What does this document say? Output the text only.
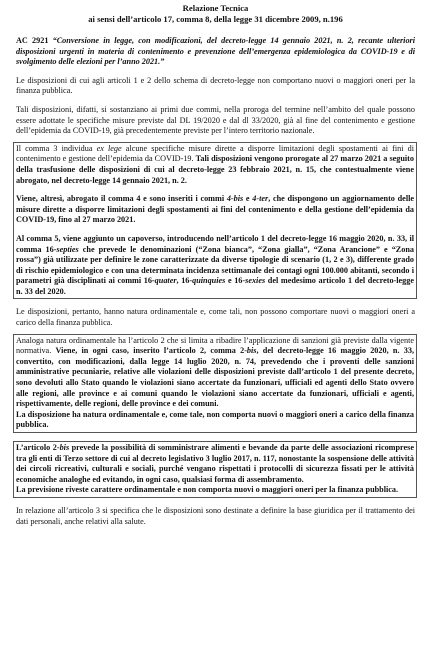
Relazione Tecnica
ai sensi dell’articolo 17, comma 8, della legge 31 dicembre 2009, n.196

AC 2921 “Conversione in legge, con modificazioni, del decreto-legge 14 gennaio 2021, n. 2, recante ulteriori disposizioni urgenti in materia di contenimento e prevenzione dell’emergenza epidemiologica da COVID-19 e di svolgimento delle elezioni per l’anno 2021.”

Le disposizioni di cui agli articoli 1 e 2 dello schema di decreto-legge non comportano nuovi o maggiori oneri per la finanza pubblica.

Tali disposizioni, difatti, si sostanziano ai primi due commi, nella proroga del termine nell’ambito del quale possono essere adottate le specifiche misure previste dal DL 19/2020 e dal dl 33/2020, già al fine del contenimento e gestione dell’epidemia da COVID-19, già precedentemente previste per l’intero territorio nazionale.

Il comma 3 individua ex lege alcune specifiche misure dirette a disporre limitazioni degli spostamenti ai fini di contenimento e gestione dell’epidemia da COVID-19. Tali disposizioni vengono prorogate al 27 marzo 2021 a seguito della trasfusione delle disposizioni di cui al decreto-legge 23 febbraio 2021, n. 15, che contestualmente viene abrogato, nel decreto-legge 14 gennaio 2021, n. 2.

Viene, altresì, abrogato il comma 4 e sono inseriti i commi 4-bis e 4-ter, che dispongono un aggiornamento delle misure dirette a disporre limitazioni degli spostamenti ai fini del contenimento e della gestione dell’epidemia da COVID-19, fino al 27 marzo 2021.

Al comma 5, viene aggiunto un capoverso, introducendo nell’articolo 1 del decreto-legge 16 maggio 2020, n. 33, il comma 16-septies che prevede le denominazioni (“Zona bianca”, “Zona gialla”, “Zona Arancione” e “Zona rossa”) già utilizzate per definire le zone caratterizzate da diverse tipologie di scenario (1, 2 e 3), differente grado di rischio epidemiologico e con una determinata incidenza settimanale dei contagi ogni 100.000 abitanti, secondo i parametri già disciplinati ai commi 16-quater, 16-quinquies e 16-sexies del medesimo articolo 1 del decreto-legge n. 33 del 2020.

Le disposizioni, pertanto, hanno natura ordinamentale e, come tali, non possono comportare nuovi o maggiori oneri a carico della finanza pubblica.

Analoga natura ordinamentale ha l’articolo 2 che si limita a ribadire l’applicazione di sanzioni già previste dalla vigente normativa. Viene, in ogni caso, inserito l’articolo 2, comma 2-bis, del decreto-legge 16 maggio 2020, n. 33, convertito, con modificazioni, dalla legge 14 luglio 2020, n. 74, prevedendo che i proventi delle sanzioni amministrative pecuniarie, relative alle violazioni delle disposizioni previste dall’articolo 1 del presente decreto, sono devoluti allo Stato quando le violazioni siano accertate da funzionari, ufficiali ed agenti dello Stato ovvero alle regioni, alle province e ai comuni quando le violazioni siano accertate da funzionari, ufficiali e agenti, rispettivamente, delle regioni, delle province e dei comuni.

La disposizione ha natura ordinamentale e, come tale, non comporta nuovi o maggiori oneri a carico della finanza pubblica.

L’articolo 2-bis prevede la possibilità di somministrare alimenti e bevande da parte delle associazioni ricomprese tra gli enti di Terzo settore di cui al decreto legislativo 3 luglio 2017, n. 117, nonostante la sospensione delle attività dei circoli ricreativi, culturali e sociali, purché vengano rispettati i protocolli di sicurezza fissati per le attività economiche analoghe ed evitando, in ogni caso, qualsiasi forma di assembramento.

La previsione riveste carattere ordinamentale e non comporta nuovi o maggiori oneri per la finanza pubblica.

In relazione all’articolo 3 si specifica che le disposizioni sono destinate a definire la base giuridica per il trattamento dei dati personali, anche relativi alla salute.
